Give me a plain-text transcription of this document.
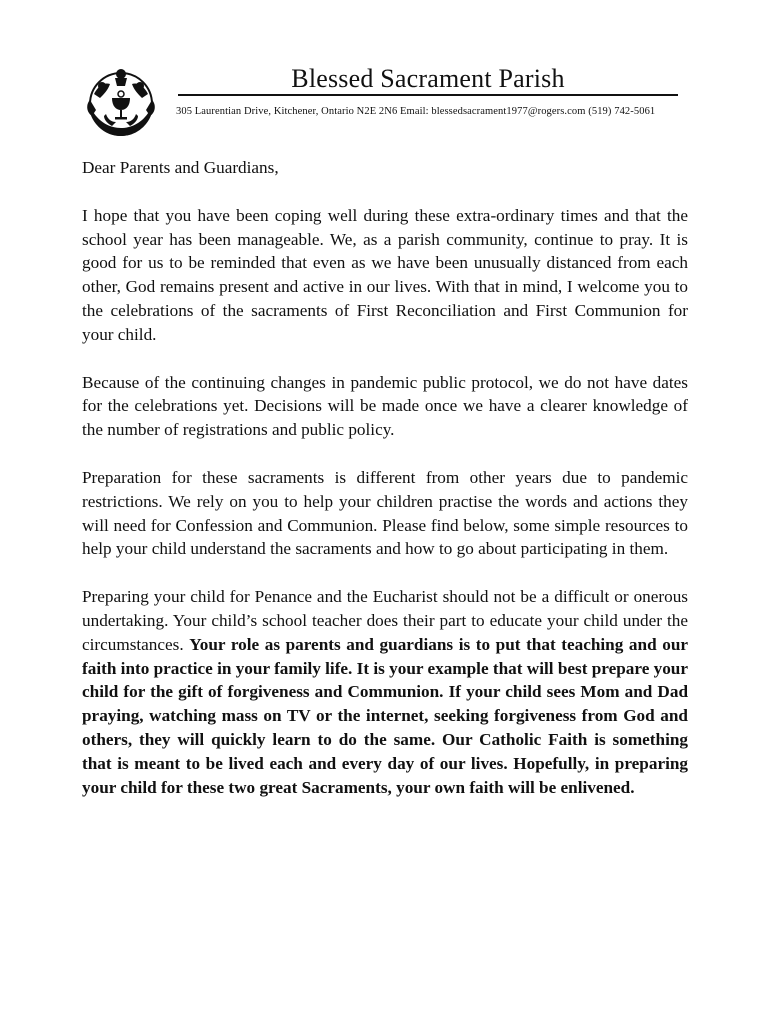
Blessed Sacrament Parish
305 Laurentian Drive, Kitchener, Ontario N2E 2N6 Email: blessedsacrament1977@rogers.com (519) 742-5061

Dear Parents and Guardians,

I hope that you have been coping well during these extra-ordinary times and that the school year has been manageable. We, as a parish community, continue to pray. It is good for us to be reminded that even as we have been unusually distanced from each other, God remains present and active in our lives. With that in mind, I welcome you to the celebrations of the sacraments of First Reconciliation and First Communion for your child.

Because of the continuing changes in pandemic public protocol, we do not have dates for the celebrations yet. Decisions will be made once we have a clearer knowledge of the number of registrations and public policy.

Preparation for these sacraments is different from other years due to pandemic restrictions. We rely on you to help your children practise the words and actions they will need for Confession and Communion. Please find below, some simple resources to help your child understand the sacraments and how to go about participating in them.

Preparing your child for Penance and the Eucharist should not be a difficult or onerous undertaking. Your child’s school teacher does their part to educate your child under the circumstances. Your role as parents and guardians is to put that teaching and our faith into practice in your family life. It is your example that will best prepare your child for the gift of forgiveness and Communion. If your child sees Mom and Dad praying, watching mass on TV or the internet, seeking forgiveness from God and others, they will quickly learn to do the same. Our Catholic Faith is something that is meant to be lived each and every day of our lives. Hopefully, in preparing your child for these two great Sacraments, your own faith will be enlivened.
